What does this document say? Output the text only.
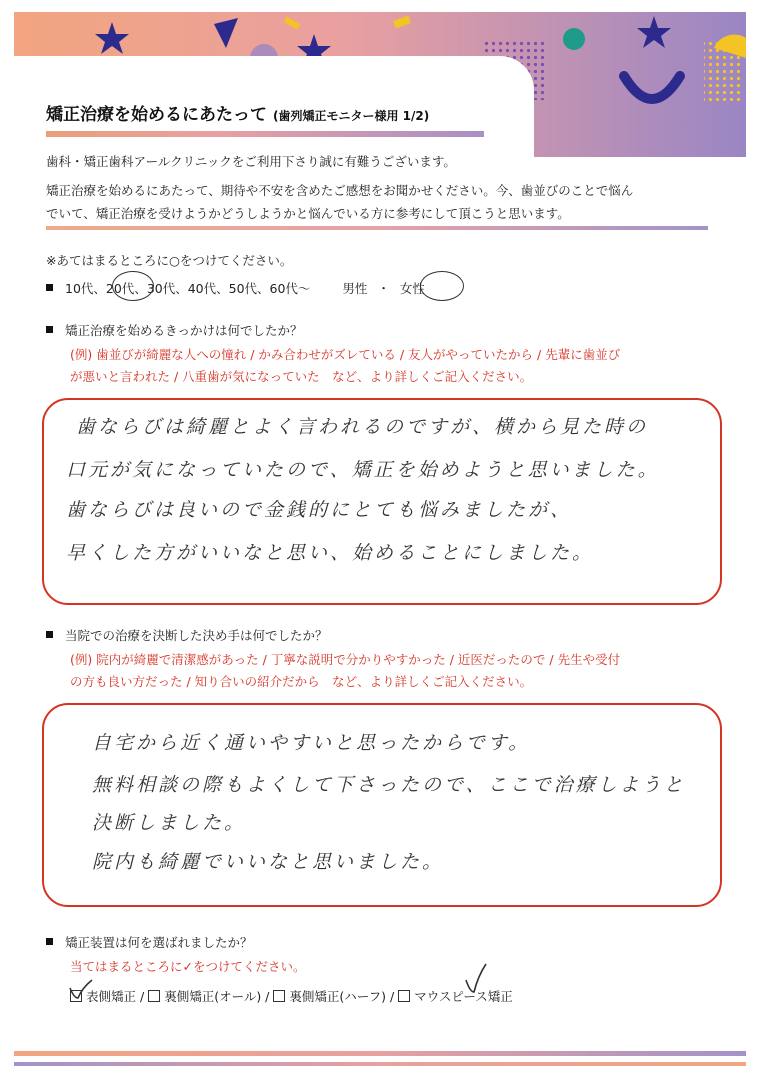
矯正治療を始めるにあたって (歯列矯正モニター様用 1/2)
歯科・矯正歯科アールクリニックをご利用下さり誠に有難うございます。
矯正治療を始めるにあたって、期待や不安を含めたご感想をお聞かせください。今、歯並びのことで悩ん
でいて、矯正治療を受けようかどうしようかと悩んでいる方に参考にして頂こうと思います。
※あてはまるところに○をつけてください。
10代、20代、30代、40代、50代、60代～	男性 ・ 女性
矯正治療を始めるきっかけは何でしたか？
(例) 歯並びが綺麗な人への憧れ / かみ合わせがズレている / 友人がやっていたから / 先輩に歯並び
が悪いと言われた / 八重歯が気になっていた　など、より詳しくご記入ください。
歯ならびは綺麗とよく言われるのですが、横から見た時の
口元が気になっていたので、矯正を始めようと思いました。
歯ならびは良いので金銭的にとても悩みましたが、
早くした方がいいなと思い、始めることにしました。
当院での治療を決断した決め手は何でしたか？
(例) 院内が綺麗で清潔感があった / 丁寧な説明で分かりやすかった / 近医だったので / 先生や受付
の方も良い方だった / 知り合いの紹介だから　など、より詳しくご記入ください。
自宅から近く通いやすいと思ったからです。
無料相談の際もよくして下さったので、ここで治療しようと
決断しました。
院内も綺麗でいいなと思いました。
矯正装置は何を選ばれましたか？
当てはまるところに✓をつけてください。
表側矯正 / 裏側矯正(オール) / 裏側矯正(ハーフ) / マウスピース矯正
